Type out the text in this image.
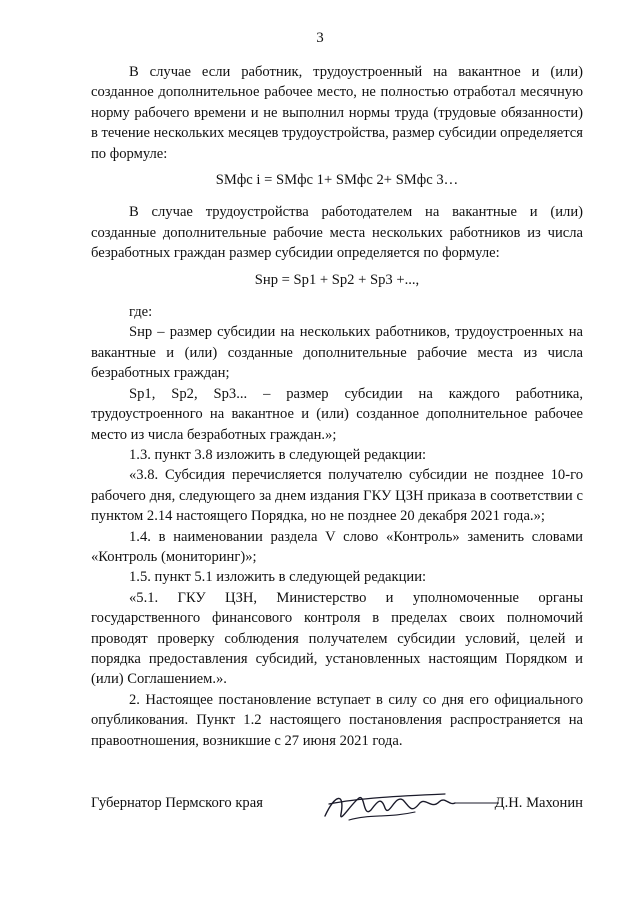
3

В случае если работник, трудоустроенный на вакантное и (или) созданное дополнительное рабочее место, не полностью отработал месячную норму рабочего времени и не выполнил нормы труда (трудовые обязанности) в течение нескольких месяцев трудоустройства, размер субсидии определяется по формуле:

SMфс i = SMфс 1+ SMфс 2+ SMфс 3…

В случае трудоустройства работодателем на вакантные и (или) созданные дополнительные рабочие места нескольких работников из числа безработных граждан размер субсидии определяется по формуле:

Sнр = Sp1 + Sp2 + Sp3 +...,

где:

Sнр – размер субсидии на нескольких работников, трудоустроенных на вакантные и (или) созданные дополнительные рабочие места из числа безработных граждан;

Sp1, Sp2, Sp3... – размер субсидии на каждого работника, трудоустроенного на вакантное и (или) созданное дополнительное рабочее место из числа безработных граждан.»;

1.3. пункт 3.8 изложить в следующей редакции:

«3.8. Субсидия перечисляется получателю субсидии не позднее 10-го рабочего дня, следующего за днем издания ГКУ ЦЗН приказа в соответствии с пунктом 2.14 настоящего Порядка, но не позднее 20 декабря 2021 года.»;

1.4. в наименовании раздела V слово «Контроль» заменить словами «Контроль (мониторинг)»;

1.5. пункт 5.1 изложить в следующей редакции:

«5.1. ГКУ ЦЗН, Министерство и уполномоченные органы государственного финансового контроля в пределах своих полномочий проводят проверку соблюдения получателем субсидии условий, целей и порядка предоставления субсидий, установленных настоящим Порядком и (или) Соглашением.».

2. Настоящее постановление вступает в силу со дня его официального опубликования. Пункт 1.2 настоящего постановления распространяется на правоотношения, возникшие с 27 июня 2021 года.

Губернатор Пермского края	Д.Н. Махонин
